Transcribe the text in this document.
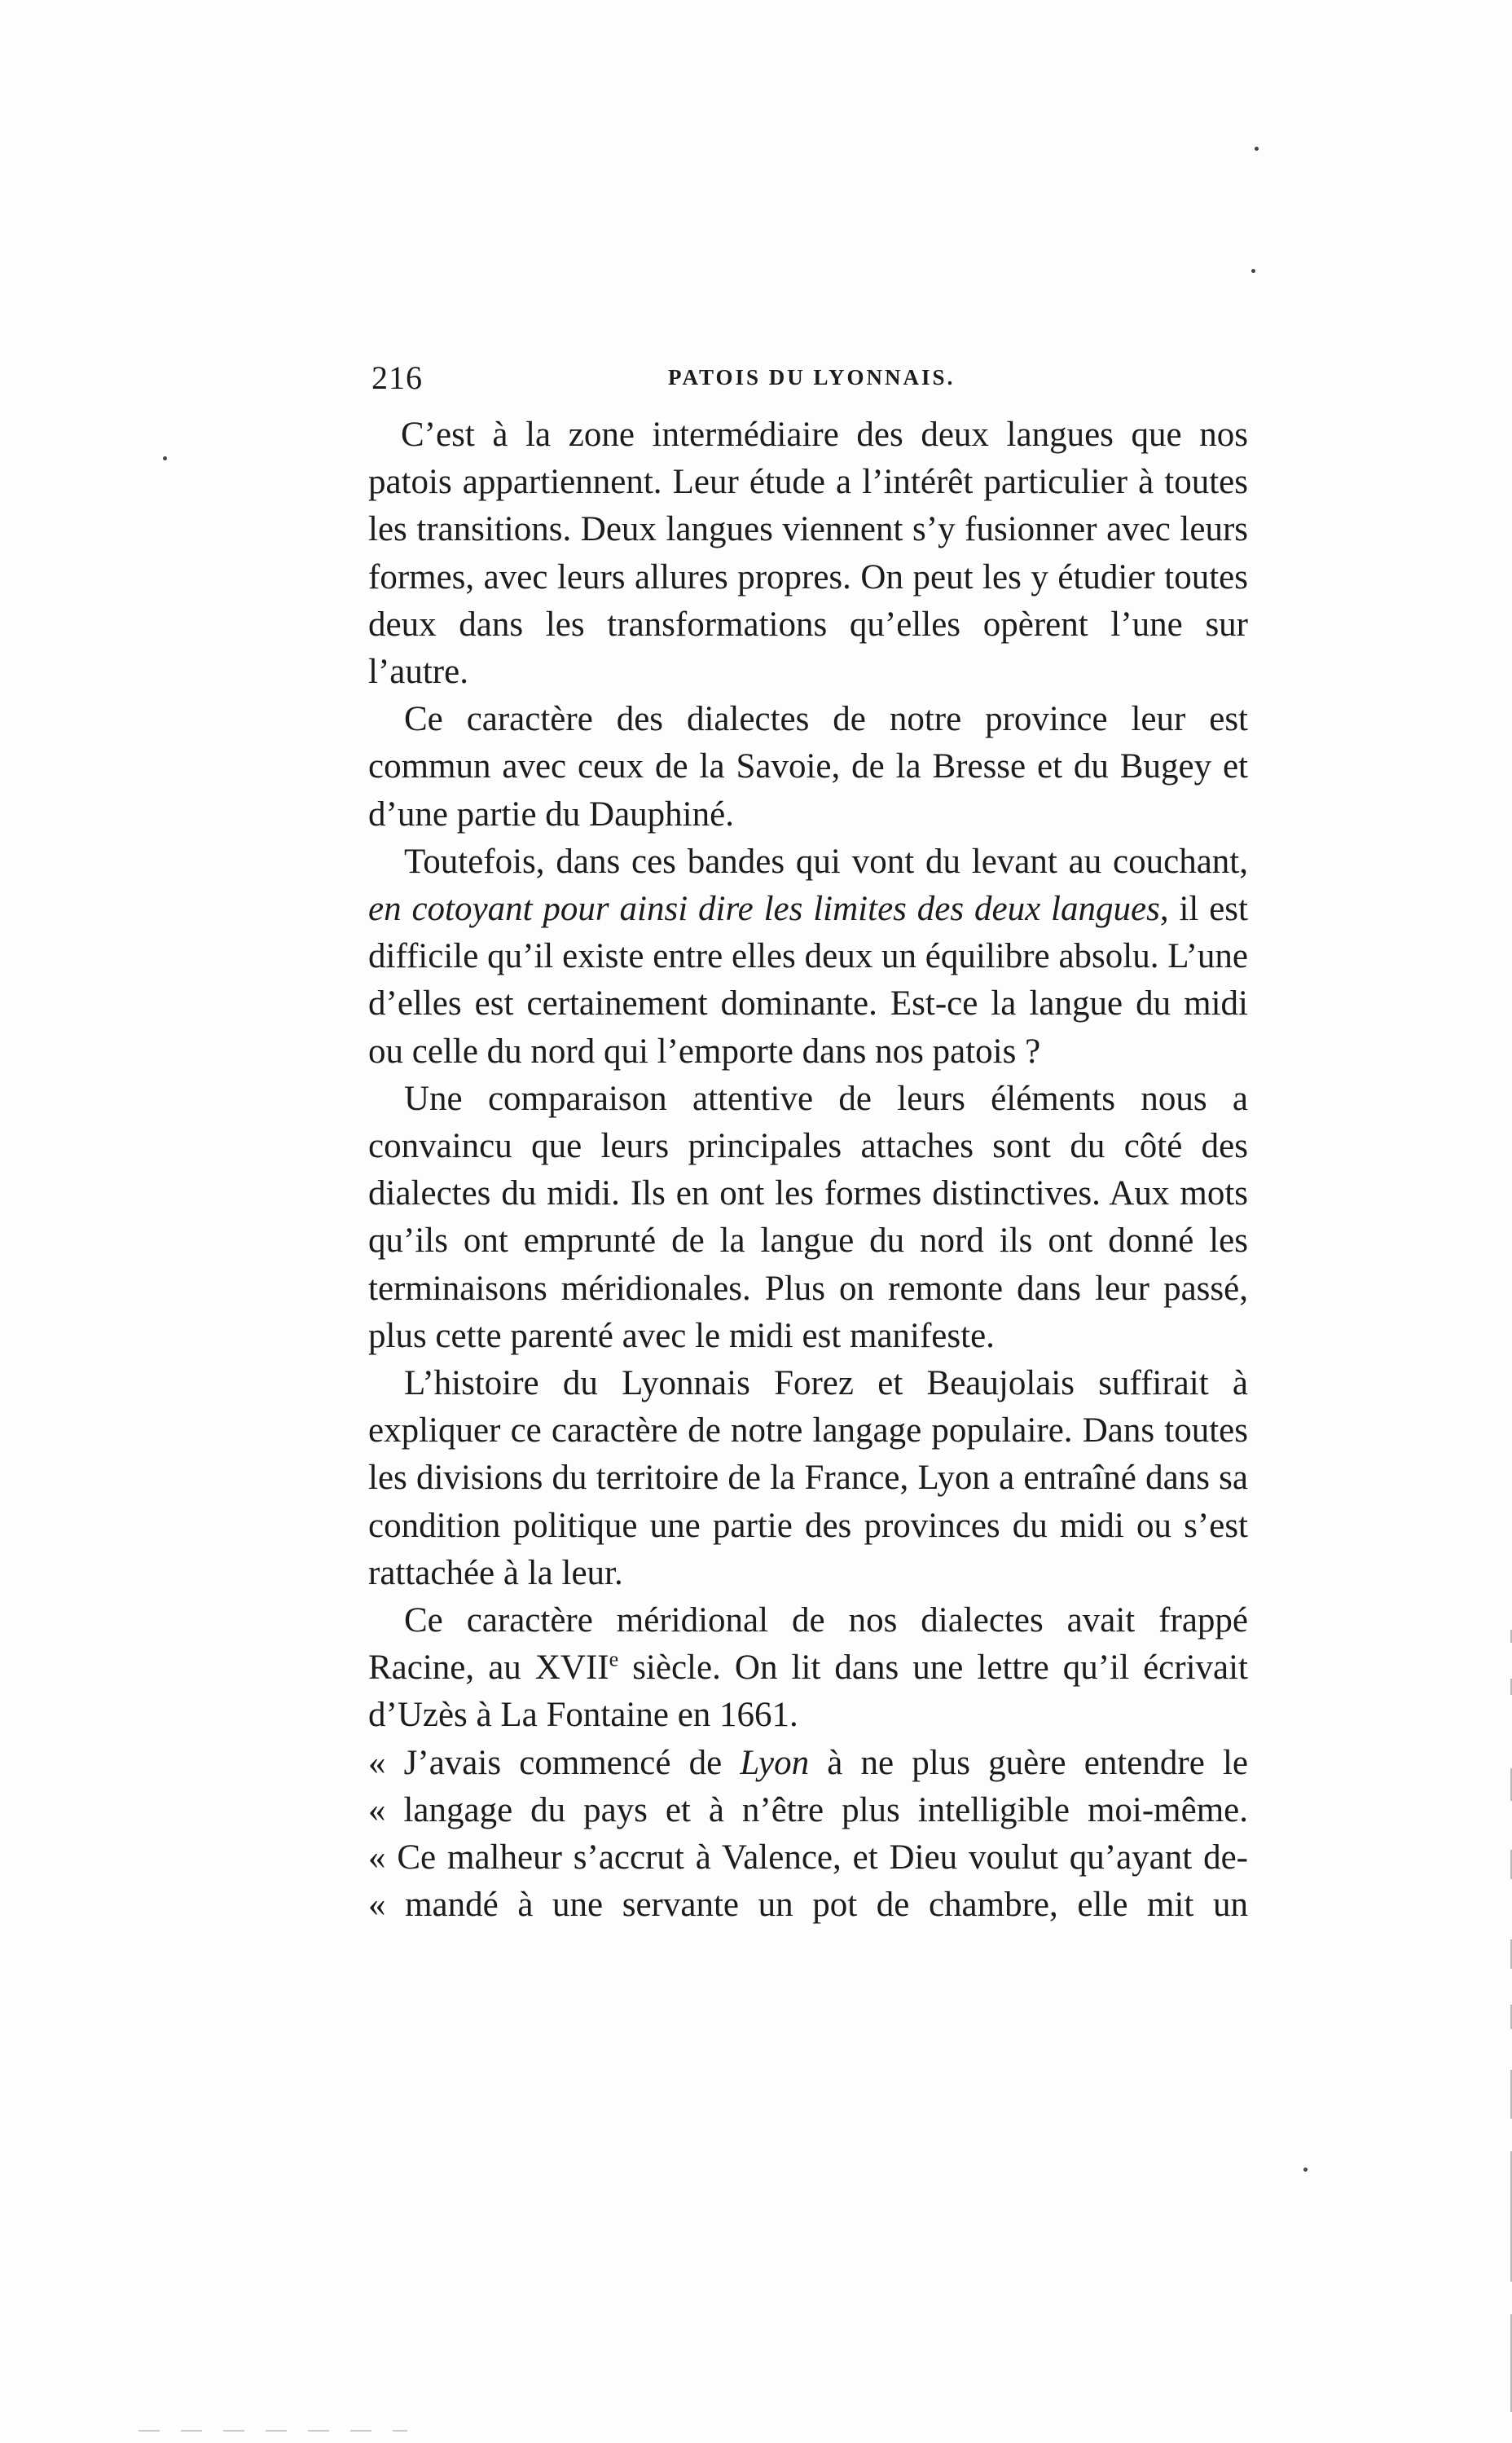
216	PATOIS DU LYONNAIS.

C’est à la zone intermédiaire des deux langues que nos patois appartiennent. Leur étude a l’intérêt particulier à toutes les transitions. Deux langues viennent s’y fusionner avec leurs formes, avec leurs allures propres. On peut les y étudier toutes deux dans les transformations qu’elles opèrent l’une sur l’autre.

Ce caractère des dialectes de notre province leur est commun avec ceux de la Savoie, de la Bresse et du Bugey et d’une partie du Dauphiné.

Toutefois, dans ces bandes qui vont du levant au couchant, en cotoyant pour ainsi dire les limites des deux langues, il est difficile qu’il existe entre elles deux un équilibre absolu. L’une d’elles est certainement dominante. Est-ce la langue du midi ou celle du nord qui l’emporte dans nos patois ?

Une comparaison attentive de leurs éléments nous a convaincu que leurs principales attaches sont du côté des dialectes du midi. Ils en ont les formes distinctives. Aux mots qu’ils ont emprunté de la langue du nord ils ont donné les terminaisons méridionales. Plus on remonte dans leur passé, plus cette parenté avec le midi est manifeste.

L’histoire du Lyonnais Forez et Beaujolais suffirait à expliquer ce caractère de notre langage populaire. Dans toutes les divisions du territoire de la France, Lyon a entraîné dans sa condition politique une partie des provinces du midi ou s’est rattachée à la leur.

Ce caractère méridional de nos dialectes avait frappé Racine, au XVIIe siècle. On lit dans une lettre qu’il écrivait d’Uzès à La Fontaine en 1661.

« J’avais commencé de Lyon à ne plus guère entendre le
« langage du pays et à n’être plus intelligible moi-même.
« Ce malheur s’accrut à Valence, et Dieu voulut qu’ayant de-
« mandé à une servante un pot de chambre, elle mit un
